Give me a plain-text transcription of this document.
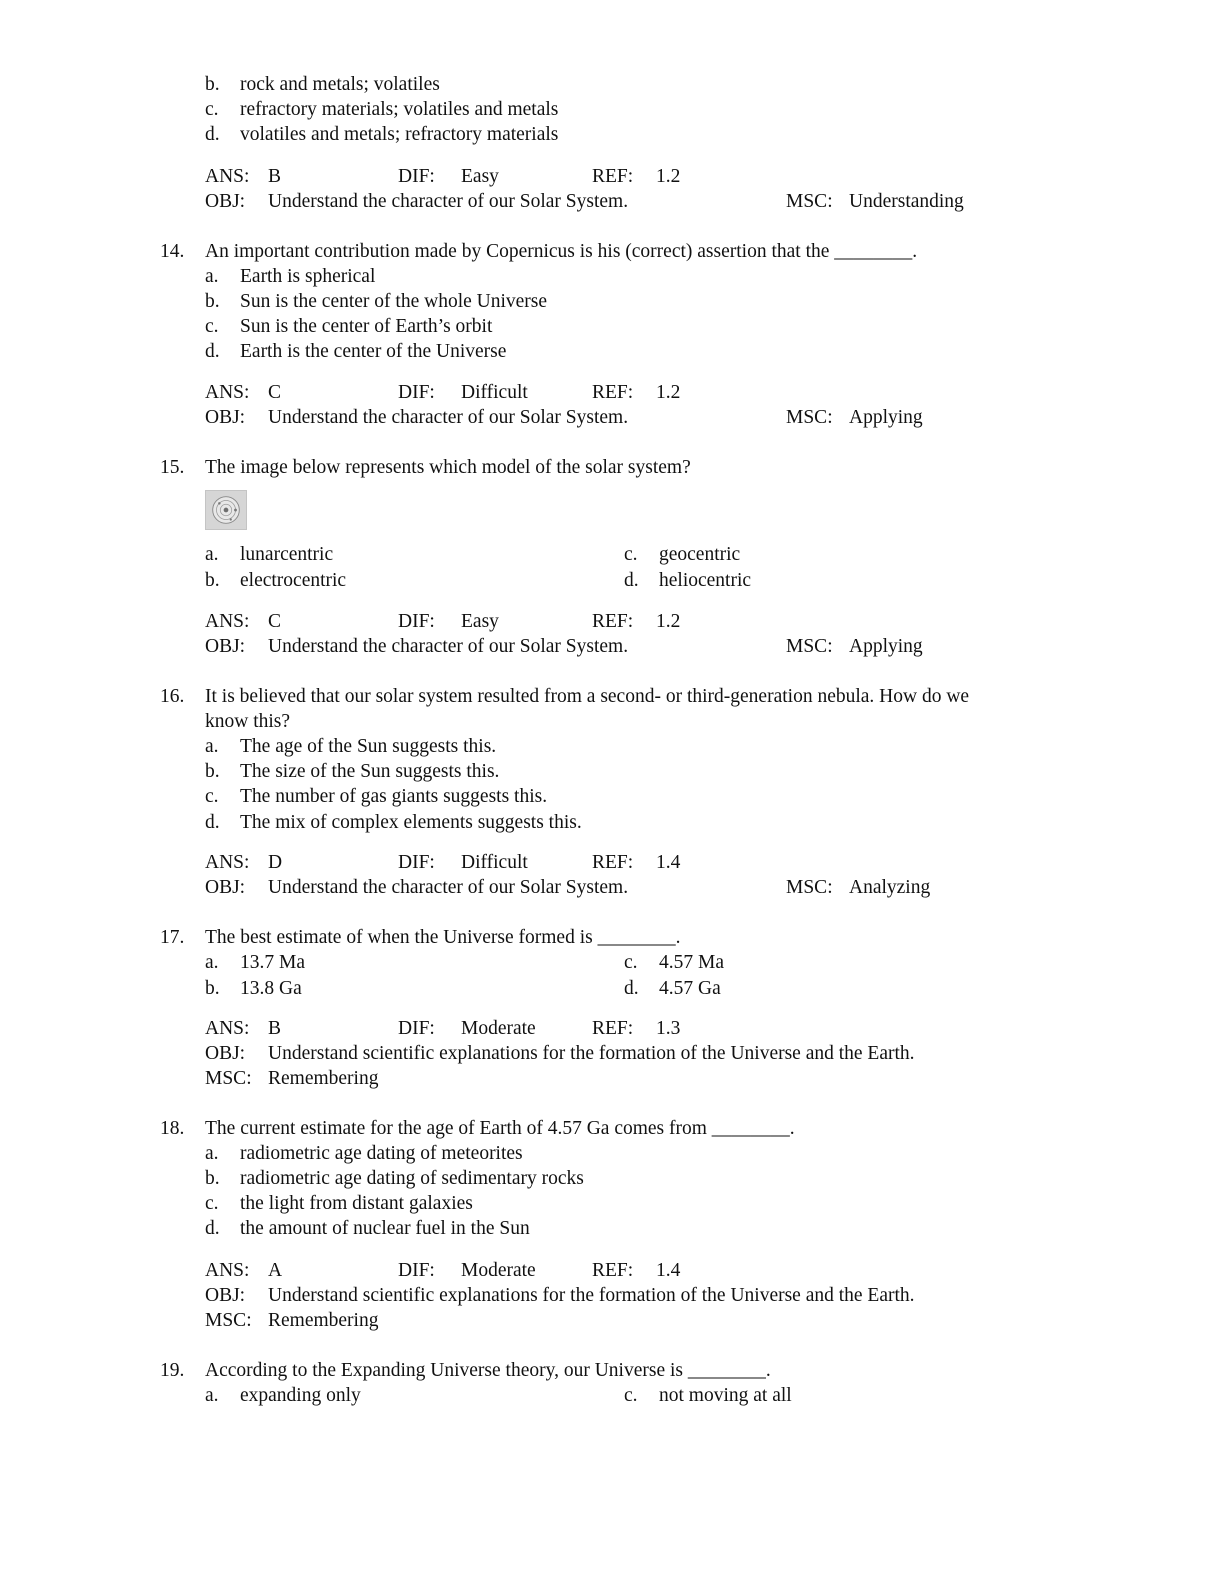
b. rock and metals; volatiles
c. refractory materials; volatiles and metals
d. volatiles and metals; refractory materials
ANS: B	DIF: Easy	REF: 1.2
OBJ: Understand the character of our Solar System.	MSC: Understanding
14. An important contribution made by Copernicus is his (correct) assertion that the ________.
a. Earth is spherical
b. Sun is the center of the whole Universe
c. Sun is the center of Earth’s orbit
d. Earth is the center of the Universe
ANS: C	DIF: Difficult	REF: 1.2
OBJ: Understand the character of our Solar System.	MSC: Applying
15. The image below represents which model of the solar system?
a. lunarcentric	c. geocentric
b. electrocentric	d. heliocentric
ANS: C	DIF: Easy	REF: 1.2
OBJ: Understand the character of our Solar System.	MSC: Applying
16. It is believed that our solar system resulted from a second- or third-generation nebula. How do we
know this?
a. The age of the Sun suggests this.
b. The size of the Sun suggests this.
c. The number of gas giants suggests this.
d. The mix of complex elements suggests this.
ANS: D	DIF: Difficult	REF: 1.4
OBJ: Understand the character of our Solar System.	MSC: Analyzing
17. The best estimate of when the Universe formed is ________.
a. 13.7 Ma	c. 4.57 Ma
b. 13.8 Ga	d. 4.57 Ga
ANS: B	DIF: Moderate	REF: 1.3
OBJ: Understand scientific explanations for the formation of the Universe and the Earth.
MSC: Remembering
18. The current estimate for the age of Earth of 4.57 Ga comes from ________.
a. radiometric age dating of meteorites
b. radiometric age dating of sedimentary rocks
c. the light from distant galaxies
d. the amount of nuclear fuel in the Sun
ANS: A	DIF: Moderate	REF: 1.4
OBJ: Understand scientific explanations for the formation of the Universe and the Earth.
MSC: Remembering
19. According to the Expanding Universe theory, our Universe is ________.
a. expanding only	c. not moving at all
